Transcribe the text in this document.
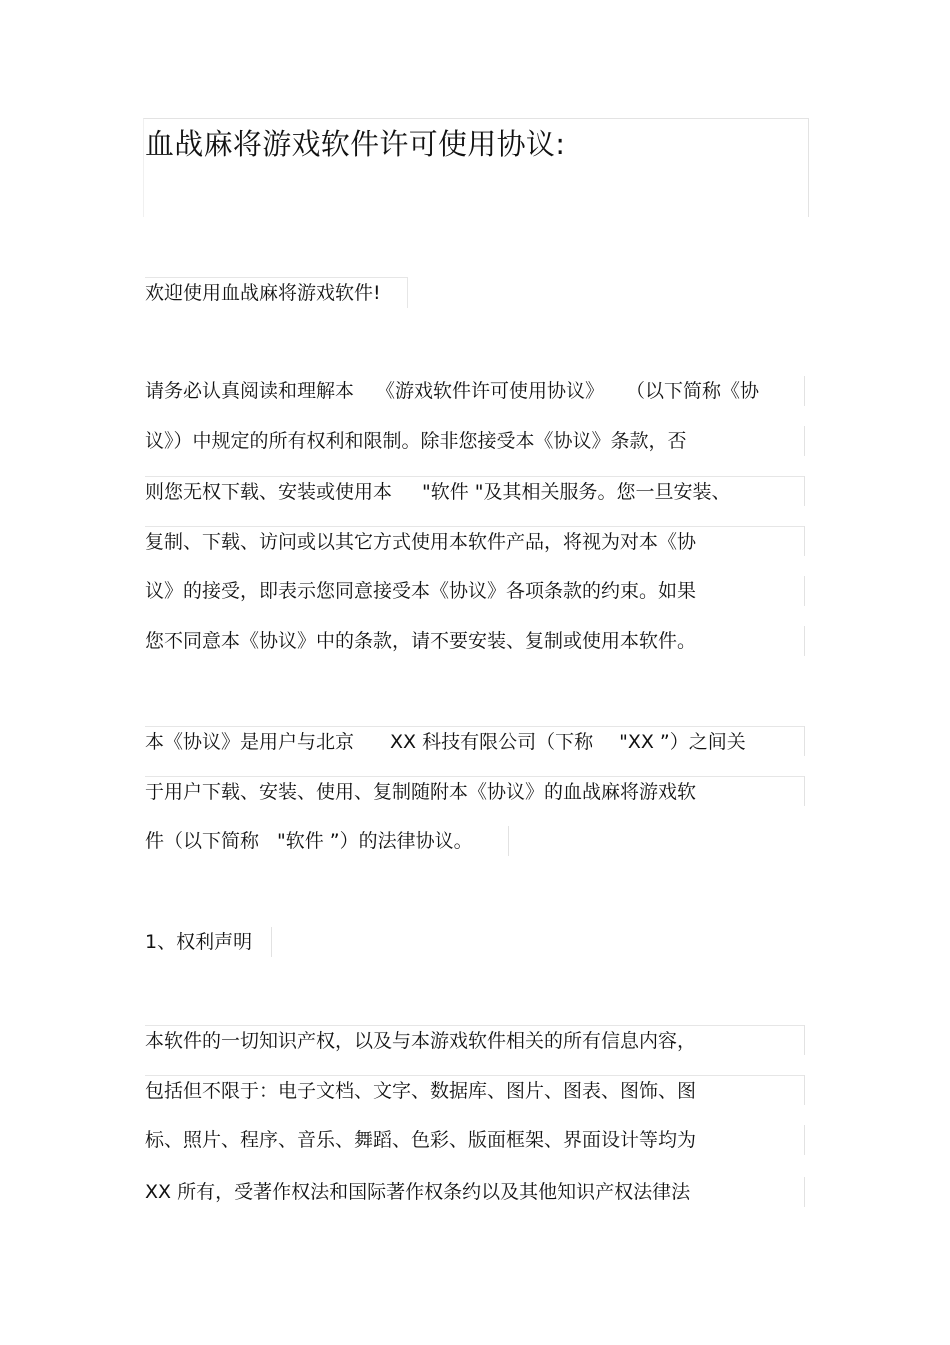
血战麻将游戏软件许可使用协议:

欢迎使用血战麻将游戏软件!

请务必认真阅读和理解本 《游戏软件许可使用协议》 （以下简称《协

议》）中规定的所有权利和限制。除非您接受本《协议》条款，否

则您无权下载、安装或使用本 "软件 "及其相关服务。您一旦安装、

复制、下载、访问或以其它方式使用本软件产品，将视为对本《协

议》的接受，即表示您同意接受本《协议》各项条款的约束。如果

您不同意本《协议》中的条款，请不要安装、复制或使用本软件。

本《协议》是用户与北京 XX 科技有限公司（下称 "XX ”）之间关

于用户下载、安装、使用、复制随附本《协议》的血战麻将游戏软

件（以下简称 "软件 ”）的法律协议。

1、权利声明

本软件的一切知识产权，以及与本游戏软件相关的所有信息内容，

包括但不限于：电子文档、文字、数据库、图片、图表、图饰、图

标、照片、程序、音乐、舞蹈、色彩、版面框架、界面设计等均为

XX 所有，受著作权法和国际著作权条约以及其他知识产权法律法
